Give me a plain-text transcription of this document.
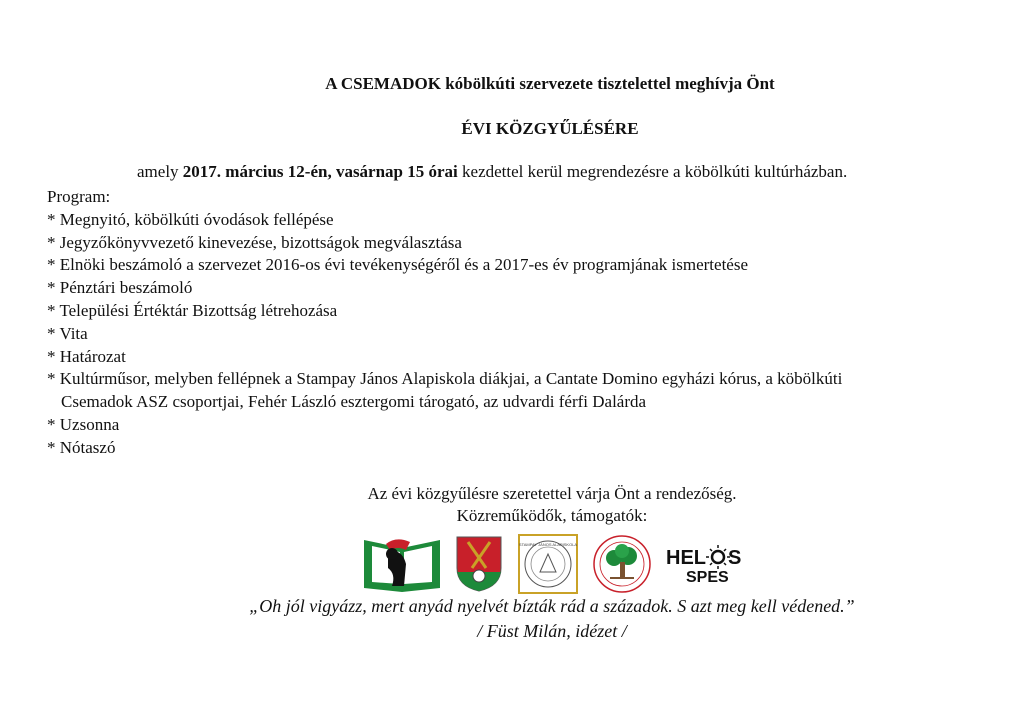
A CSEMADOK kóbölkúti szervezete tisztelettel meghívja Önt
ÉVI KÖZGYŰLÉSÉRE
amely 2017. március 12-én, vasárnap 15 órai kezdettel kerül megrendezésre a köbölkúti kultúrházban.
Program:
* Megnyitó, köbölkúti óvodások fellépése
* Jegyzőkönyvvezető kinevezése, bizottságok megválasztása
* Elnöki beszámoló a szervezet 2016-os évi tevékenységéről és a 2017-es év programjának ismertetése
* Pénztári beszámoló
* Települési Értéktár Bizottság létrehozása
* Vita
* Határozat
* Kultúrműsor, melyben fellépnek a Stampay János Alapiskola diákjai, a Cantate Domino egyházi kórus, a köbölkúti
Csemadok ASZ csoportjai, Fehér László esztergomi tárogató, az udvardi férfi Dalárda
* Uzsonna
* Nótaszó
Az évi közgyűlésre szeretettel várja Önt a rendezőség.
Közreműködők, támogatók:
STAMPAY JÁNOS ALAPISKOLA
HEL S
SPES
„Oh jól vigyázz, mert anyád nyelvét bízták rád a századok. S azt meg kell védened.”
/ Füst Milán, idézet /
